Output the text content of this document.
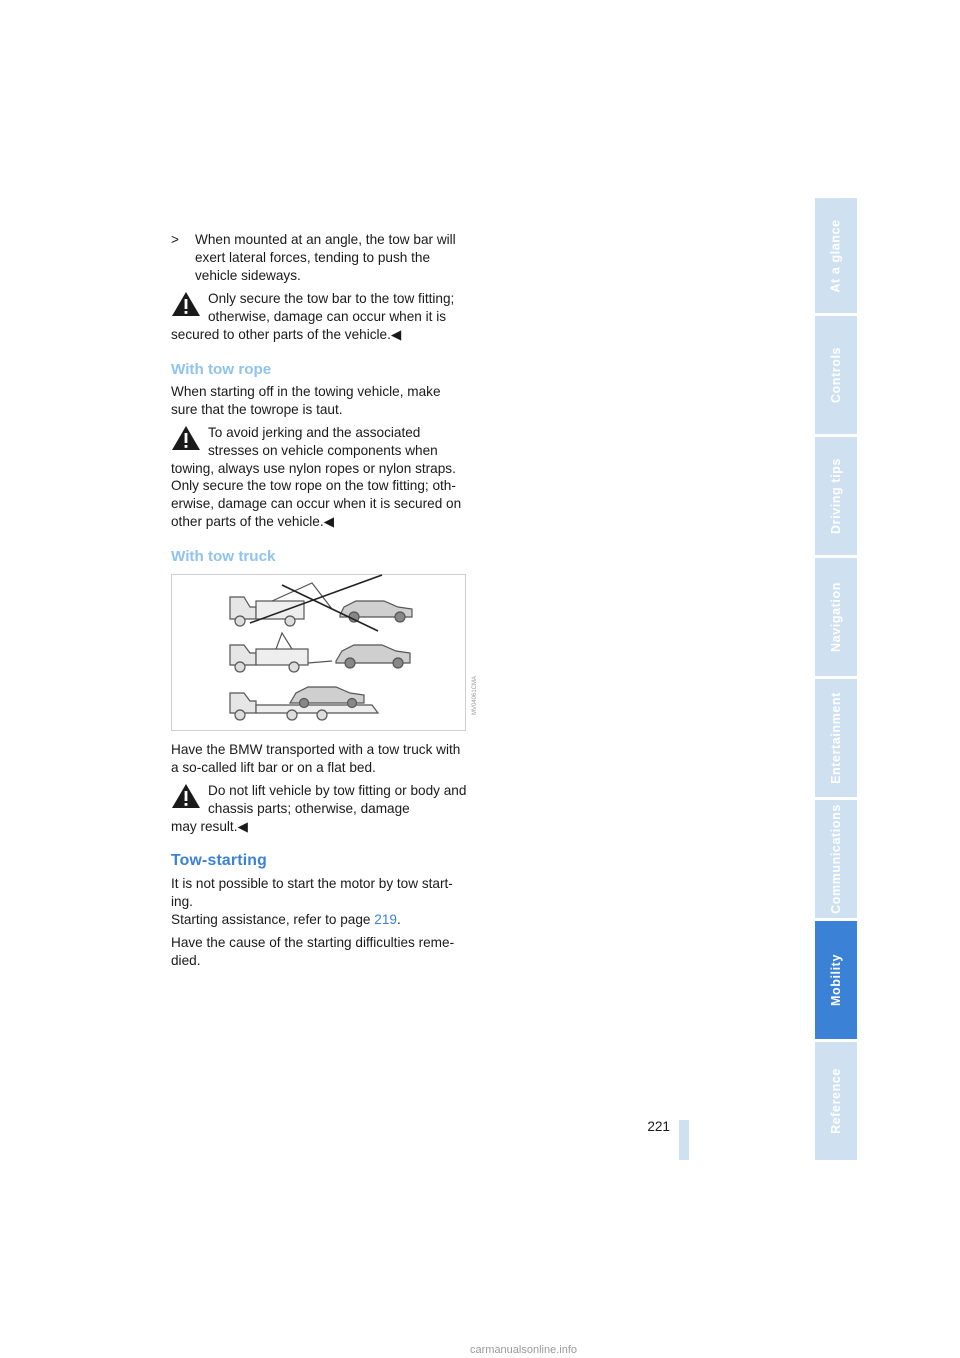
> When mounted at an angle, the tow bar will exert lateral forces, tending to push the vehicle sideways.

Only secure the tow bar to the tow fitting; otherwise, damage can occur when it is

secured to other parts of the vehicle.◀

With tow rope

When starting off in the towing vehicle, make sure that the towrope is taut.

To avoid jerking and the associated stresses on vehicle components when

towing, always use nylon ropes or nylon straps. Only secure the tow rope on the tow fitting; oth-erwise, damage can occur when it is secured on other parts of the vehicle.◀

With tow truck
MV04061CMA

Have the BMW transported with a tow truck with a so-called lift bar or on a flat bed.

Do not lift vehicle by tow fitting or body and chassis parts; otherwise, damage

may result.◀

Tow-starting

It is not possible to start the motor by tow start-ing.

Starting assistance, refer to page 219.

Have the cause of the starting difficulties reme-died.

At a glance
Controls
Driving tips
Navigation
Entertainment
Communications
Mobility
Reference
221
carmanualsonline.info
